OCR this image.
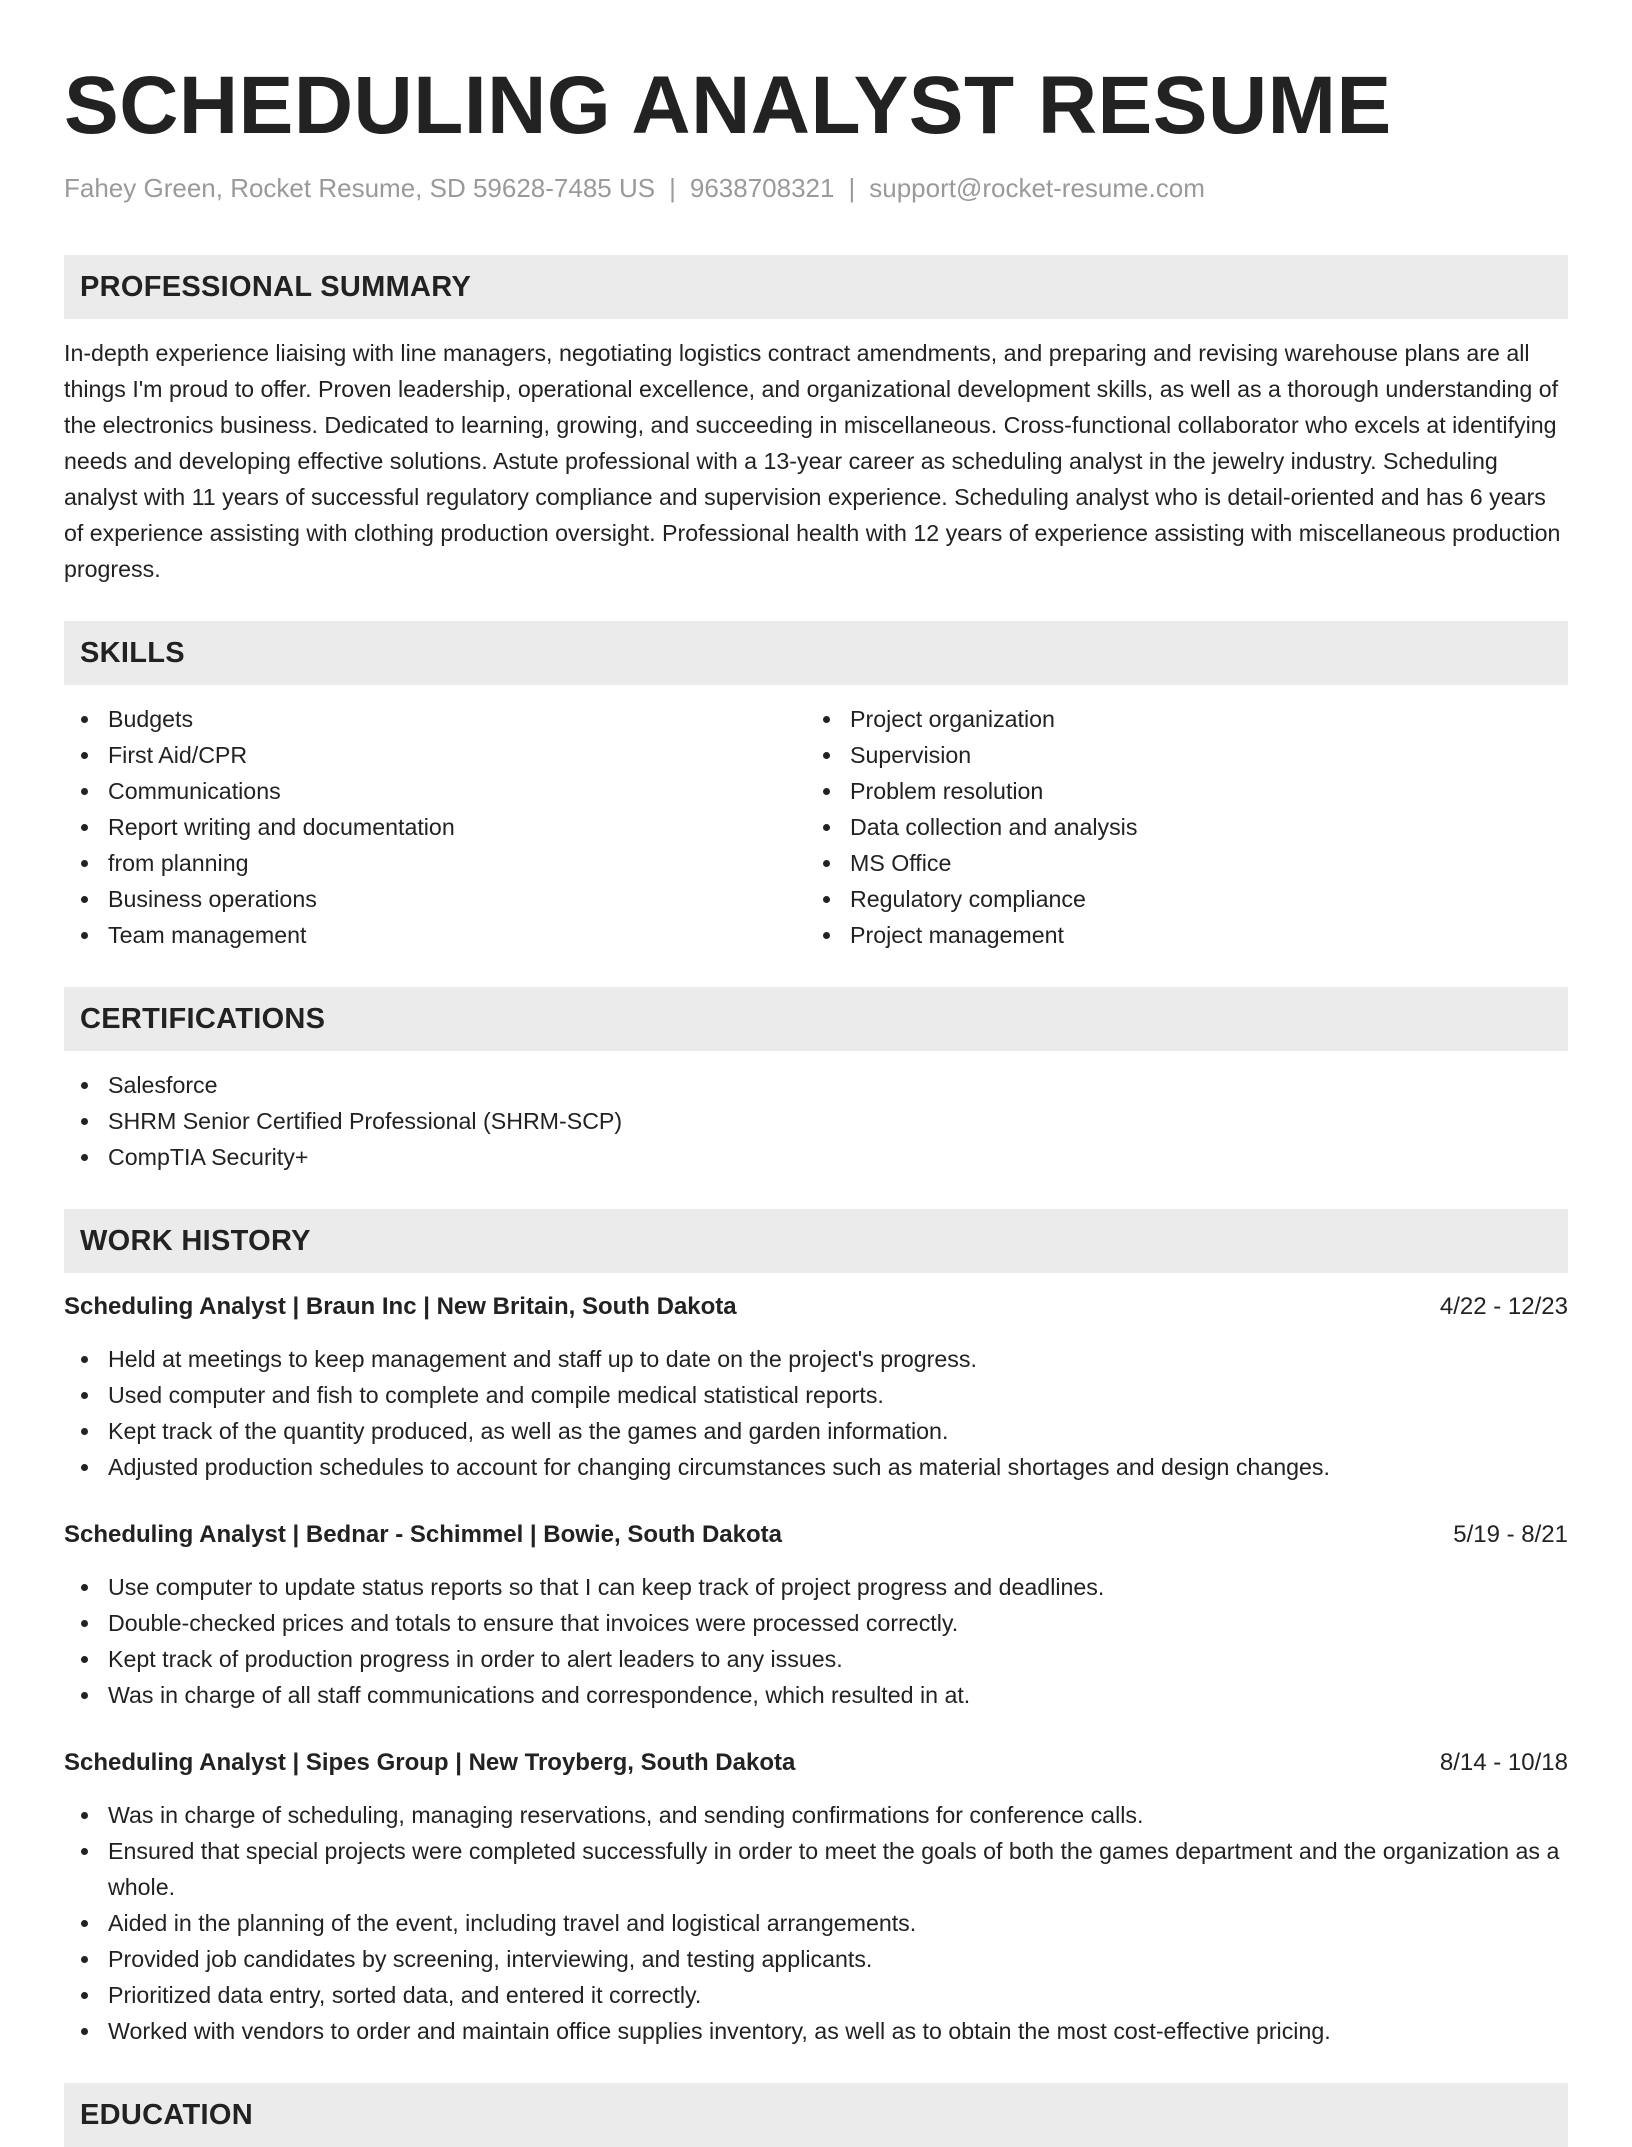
SCHEDULING ANALYST RESUME
Fahey Green, Rocket Resume, SD 59628-7485 US | 9638708321 | support@rocket-resume.com
PROFESSIONAL SUMMARY

In-depth experience liaising with line managers, negotiating logistics contract amendments, and preparing and revising warehouse plans are all things I'm proud to offer. Proven leadership, operational excellence, and organizational development skills, as well as a thorough understanding of the electronics business. Dedicated to learning, growing, and succeeding in miscellaneous. Cross-functional collaborator who excels at identifying needs and developing effective solutions. Astute professional with a 13-year career as scheduling analyst in the jewelry industry. Scheduling analyst with 11 years of successful regulatory compliance and supervision experience. Scheduling analyst who is detail-oriented and has 6 years of experience assisting with clothing production oversight. Professional health with 12 years of experience assisting with miscellaneous production progress.

SKILLS
Budgets
First Aid/CPR
Communications
Report writing and documentation
from planning
Business operations
Team management
Project organization
Supervision
Problem resolution
Data collection and analysis
MS Office
Regulatory compliance
Project management
CERTIFICATIONS
Salesforce
SHRM Senior Certified Professional (SHRM-SCP)
CompTIA Security+
WORK HISTORY
Scheduling Analyst | Braun Inc | New Britain, South Dakota	4/22 - 12/23
Held at meetings to keep management and staff up to date on the project's progress.
Used computer and fish to complete and compile medical statistical reports.
Kept track of the quantity produced, as well as the games and garden information.
Adjusted production schedules to account for changing circumstances such as material shortages and design changes.
Scheduling Analyst | Bednar - Schimmel | Bowie, South Dakota	5/19 - 8/21
Use computer to update status reports so that I can keep track of project progress and deadlines.
Double-checked prices and totals to ensure that invoices were processed correctly.
Kept track of production progress in order to alert leaders to any issues.
Was in charge of all staff communications and correspondence, which resulted in at.
Scheduling Analyst | Sipes Group | New Troyberg, South Dakota	8/14 - 10/18
Was in charge of scheduling, managing reservations, and sending confirmations for conference calls.
Ensured that special projects were completed successfully in order to meet the goals of both the games department and the organization as a whole.
Aided in the planning of the event, including travel and logistical arrangements.
Provided job candidates by screening, interviewing, and testing applicants.
Prioritized data entry, sorted data, and entered it correctly.
Worked with vendors to order and maintain office supplies inventory, as well as to obtain the most cost-effective pricing.
EDUCATION
